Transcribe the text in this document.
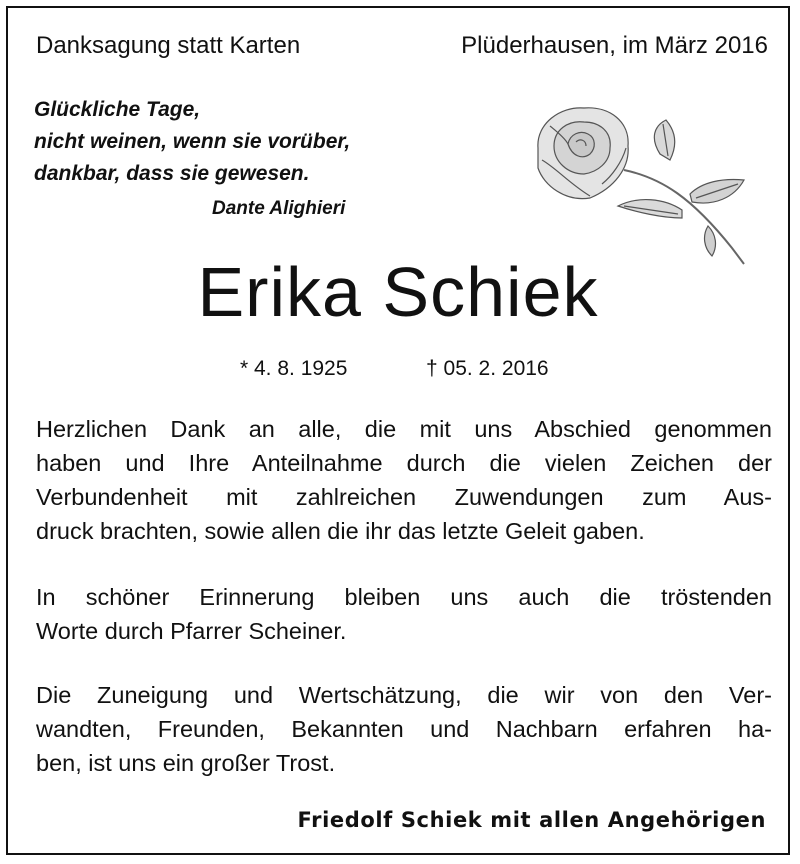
Danksagung statt Karten	Plüderhausen, im März 2016
Glückliche Tage,
nicht weinen, wenn sie vorüber,
dankbar, dass sie gewesen.
Dante Alighieri
Erika Schiek
* 4. 8. 1925	† 05. 2. 2016
Herzlichen Dank an alle, die mit uns Abschied genommen
haben und Ihre Anteilnahme durch die vielen Zeichen der
Verbundenheit mit zahlreichen Zuwendungen zum Aus-
druck brachten, sowie allen die ihr das letzte Geleit gaben.
In schöner Erinnerung bleiben uns auch die tröstenden
Worte durch Pfarrer Scheiner.
Die Zuneigung und Wertschätzung, die wir von den Ver-
wandten, Freunden, Bekannten und Nachbarn erfahren ha-
ben, ist uns ein großer Trost.
Friedolf Schiek mit allen Angehörigen
